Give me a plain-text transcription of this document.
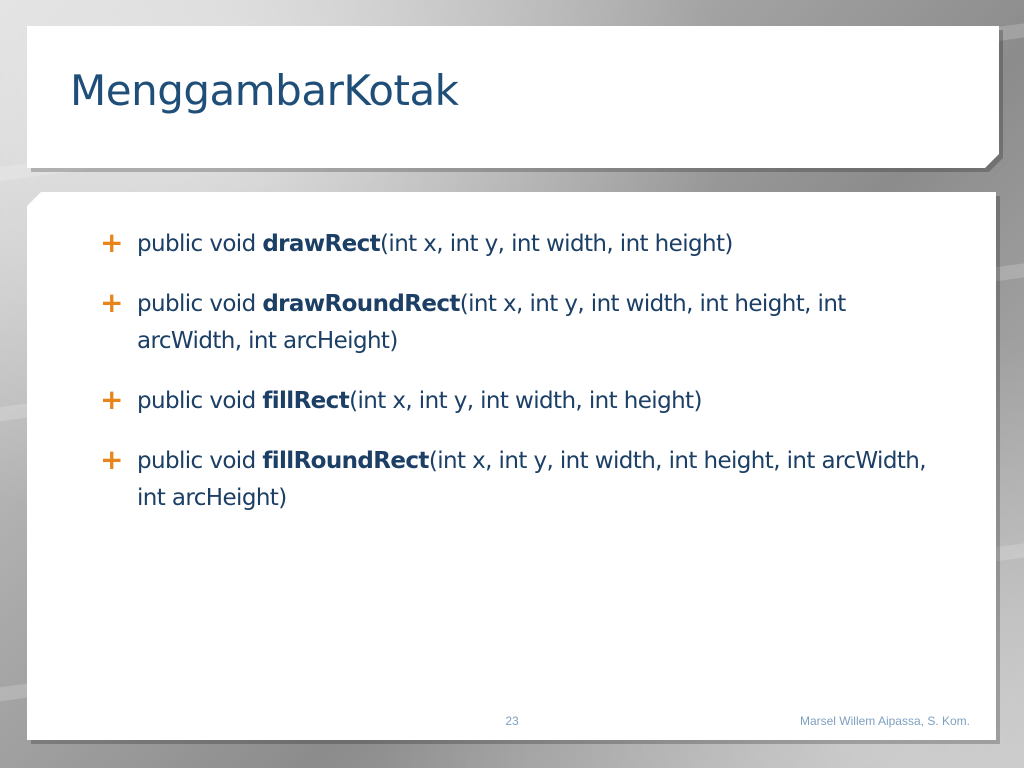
MenggambarKotak
+ public void drawRect(int x, int y, int width, int height)
+ public void drawRoundRect(int x, int y, int width, int height, int arcWidth, int arcHeight)
+ public void fillRect(int x, int y, int width, int height)
+ public void fillRoundRect(int x, int y, int width, int height, int arcWidth, int arcHeight)
23	Marsel Willem Aipassa, S. Kom.
